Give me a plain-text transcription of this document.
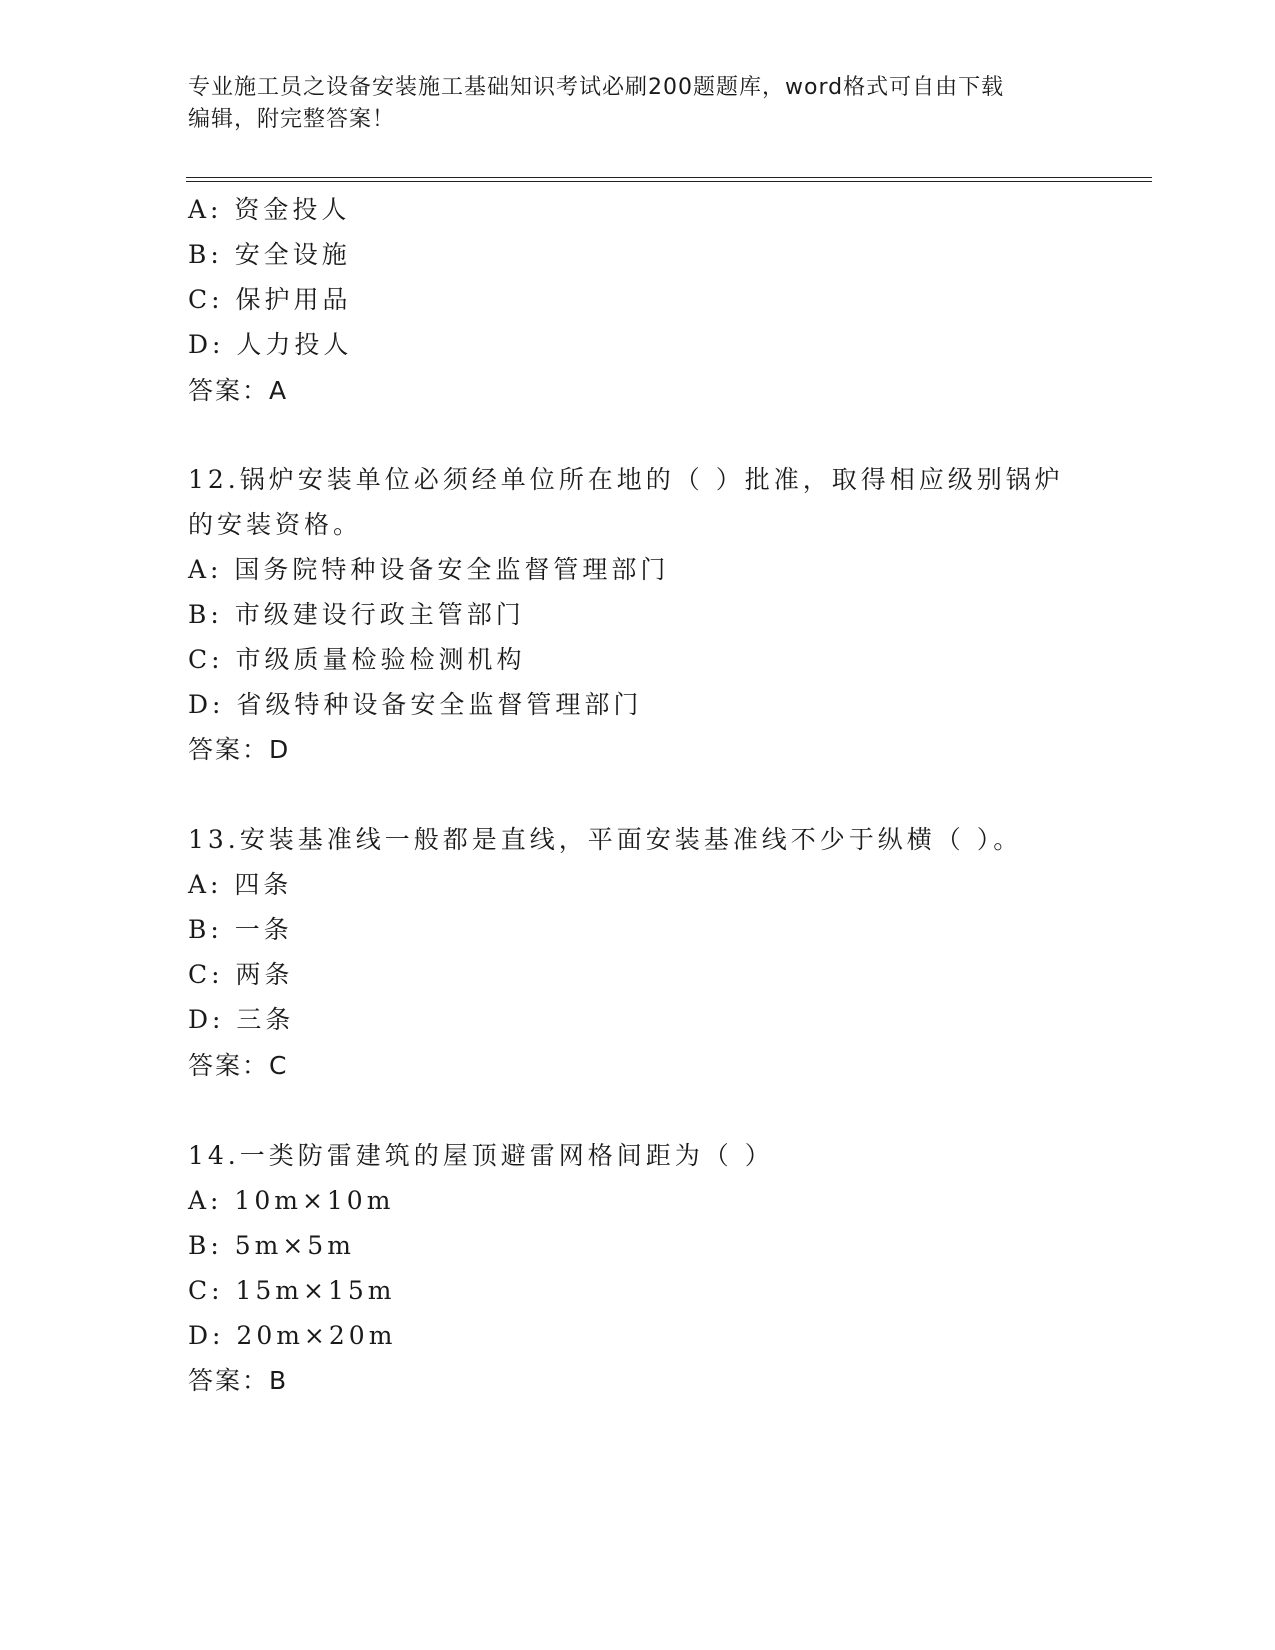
专业施工员之设备安装施工基础知识考试必刷200题题库，word格式可自由下载
编辑，附完整答案！
A: 资金投人
B: 安全设施
C: 保护用品
D: 人力投人
答案：A
12.锅炉安装单位必须经单位所在地的（ ）批准，取得相应级别锅炉
的安装资格。
A: 国务院特种设备安全监督管理部门
B: 市级建设行政主管部门
C: 市级质量检验检测机构
D: 省级特种设备安全监督管理部门
答案：D
13.安装基准线一般都是直线，平面安装基准线不少于纵横（ ）。
A: 四条
B: 一条
C: 两条
D: 三条
答案：C
14.一类防雷建筑的屋顶避雷网格间距为（ ）
A: 10m×10m
B: 5m×5m
C: 15m×15m
D: 20m×20m
答案：B
